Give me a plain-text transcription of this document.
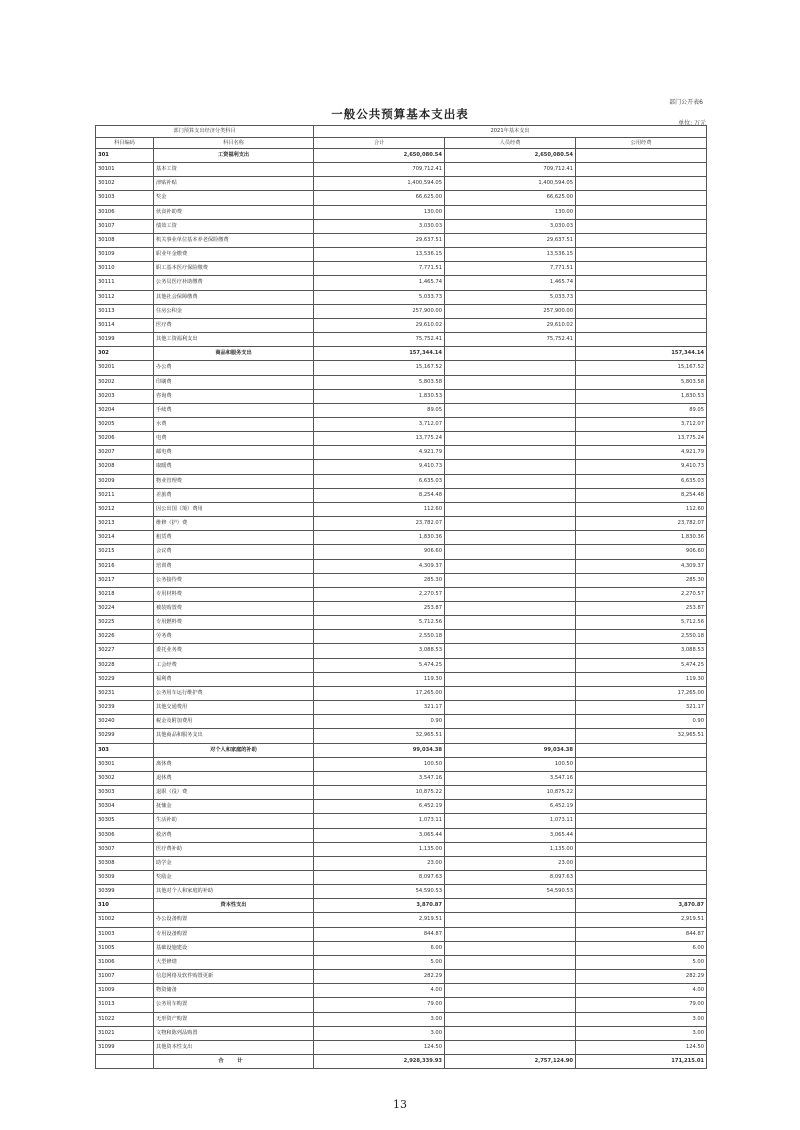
部门公开表6
一般公共预算基本支出表
单位: 万元
部门预算支出经济分类科目		2021年基本支出		
科目编码	科目名称	合计	人员经费	公用经费
301	工资福利支出	2,650,080.54	2,650,080.54	
30101	基本工资	709,712.41	709,712.41	
30102	津贴补贴	1,400,594.05	1,400,594.05	
30103	奖金	66,625.00	66,625.00	
30106	伙食补助费	130.00	130.00	
30107	绩效工资	3,030.03	3,030.03	
30108	机关事业单位基本养老保险缴费	29,637.51	29,637.51	
30109	职业年金缴费	13,536.15	13,536.15	
30110	职工基本医疗保险缴费	7,771.51	7,771.51	
30111	公务员医疗补助缴费	1,465.74	1,465.74	
30112	其他社会保障缴费	5,033.73	5,033.73	
30113	住房公积金	257,900.00	257,900.00	
30114	医疗费	29,610.02	29,610.02	
30199	其他工资福利支出	75,752.41	75,752.41	
302	商品和服务支出	157,344.14		157,344.14
30201	办公费	15,167.52		15,167.52
30202	印刷费	5,803.58		5,803.58
30203	咨询费	1,830.53		1,830.53
30204	手续费	89.05		89.05
30205	水费	3,712.07		3,712.07
30206	电费	13,775.24		13,775.24
30207	邮电费	4,921.79		4,921.79
30208	取暖费	9,410.73		9,410.73
30209	物业管理费	6,635.03		6,635.03
30211	差旅费	8,254.48		8,254.48
30212	因公出国（境）费用	112.60		112.60
30213	维修（护）费	23,782.07		23,782.07
30214	租赁费	1,830.36		1,830.36
30215	会议费	906.60		906.60
30216	培训费	4,309.37		4,309.37
30217	公务接待费	285.30		285.30
30218	专用材料费	2,270.57		2,270.57
30224	被装购置费	253.87		253.87
30225	专用燃料费	5,712.56		5,712.56
30226	劳务费	2,550.18		2,550.18
30227	委托业务费	3,088.53		3,088.53
30228	工会经费	5,474.25		5,474.25
30229	福利费	119.30		119.30
30231	公务用车运行维护费	17,265.00		17,265.00
30239	其他交通费用	321.17		321.17
30240	税金及附加费用	0.90		0.90
30299	其他商品和服务支出	32,965.51		32,965.51
303	对个人和家庭的补助	99,034.38	99,034.38	
30301	离休费	100.50	100.50	
30302	退休费	3,547.16	3,547.16	
30303	退职（役）费	10,875.22	10,875.22	
30304	抚恤金	6,452.19	6,452.19	
30305	生活补助	1,073.11	1,073.11	
30306	救济费	3,065.44	3,065.44	
30307	医疗费补助	1,135.00	1,135.00	
30308	助学金	23.00	23.00	
30309	奖励金	8,097.63	8,097.63	
30399	其他对个人和家庭的补助	54,590.53	54,590.53	
310	资本性支出	3,870.87		3,870.87
31002	办公设备购置	2,919.51		2,919.51
31003	专用设备购置	844.87		844.87
31005	基础设施建设	6.00		6.00
31006	大型修缮	5.00		5.00
31007	信息网络及软件购置更新	282.29		282.29
31009	物资储备	4.00		4.00
31013	公务用车购置	79.00		79.00
31022	无形资产购置	3.00		3.00
31021	文物和陈列品购置	3.00		3.00
31099	其他资本性支出	124.50		124.50
	合 计	2,928,339.93	2,757,124.90	171,215.01
13
